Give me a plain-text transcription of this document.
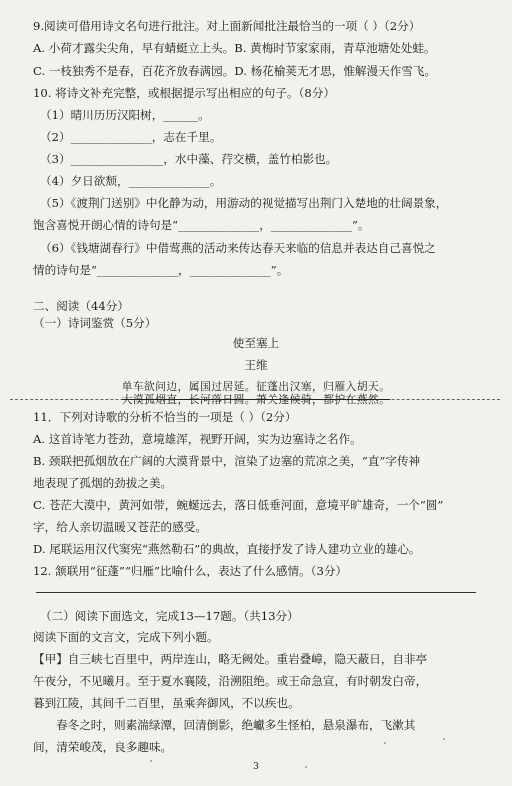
9.阅读可借用诗文名句进行批注。对上面新闻批注最恰当的一项（ ）（2分）
A. 小荷才露尖尖角，早有蜻蜓立上头。B. 黄梅时节家家雨，青草池塘处处蛙。
C. 一枝独秀不是春，百花齐放春满园。D. 杨花榆荚无才思，惟解漫天作雪飞。
10. 将诗文补充完整，或根据提示写出相应的句子。（8分）
（1）晴川历历汉阳树，______。
（2）______________，志在千里。
（3）________________，水中藻、荇交横，盖竹柏影也。
（4）夕日欲颓，______________。
（5）《渡荆门送别》中化静为动，用游动的视觉描写出荆门入楚地的壮阔景象，
饱含喜悦开朗心情的诗句是“______________，______________”。
（6）《钱塘湖春行》中借莺燕的活动来传达春天来临的信息并表达自己喜悦之
情的诗句是“______________，______________”。
二、阅读（44分）
（一）诗词鉴赏（5分）
使至塞上
王维
单车欲问边，属国过居延。征蓬出汉塞，归雁入胡天。
大漠孤烟直，长河落日圆。萧关逢候骑，都护在燕然。
11．下列对诗歌的分析不恰当的一项是（ ）（2分）
A. 这首诗笔力苍劲，意境雄浑，视野开阔，实为边塞诗之名作。
B. 颈联把孤烟放在广阔的大漠背景中，渲染了边塞的荒凉之美，“直”字传神
地表现了孤烟的劲拔之美。
C. 苍茫大漠中，黄河如带，蜿蜒远去，落日低垂河面，意境平旷雄奇，一个“圆”
字，给人亲切温暖又苍茫的感受。
D. 尾联运用汉代窦宪“燕然勒石”的典故，直接抒发了诗人建功立业的雄心。
12. 颔联用“征蓬”“归雁”比喻什么，表达了什么感情。（3分）
（二）阅读下面选文，完成13—17题。（共13分）
阅读下面的文言文，完成下列小题。
【甲】自三峡七百里中，两岸连山，略无阙处。重岩叠嶂，隐天蔽日，自非亭
午夜分，不见曦月。至于夏水襄陵，沿溯阻绝。或王命急宣，有时朝发白帝，
暮到江陵，其间千二百里，虽乘奔御风，不以疾也。
春冬之时，则素湍绿潭，回清倒影，绝巘多生怪柏，悬泉瀑布，飞漱其
间，清荣峻茂，良多趣味。
3
